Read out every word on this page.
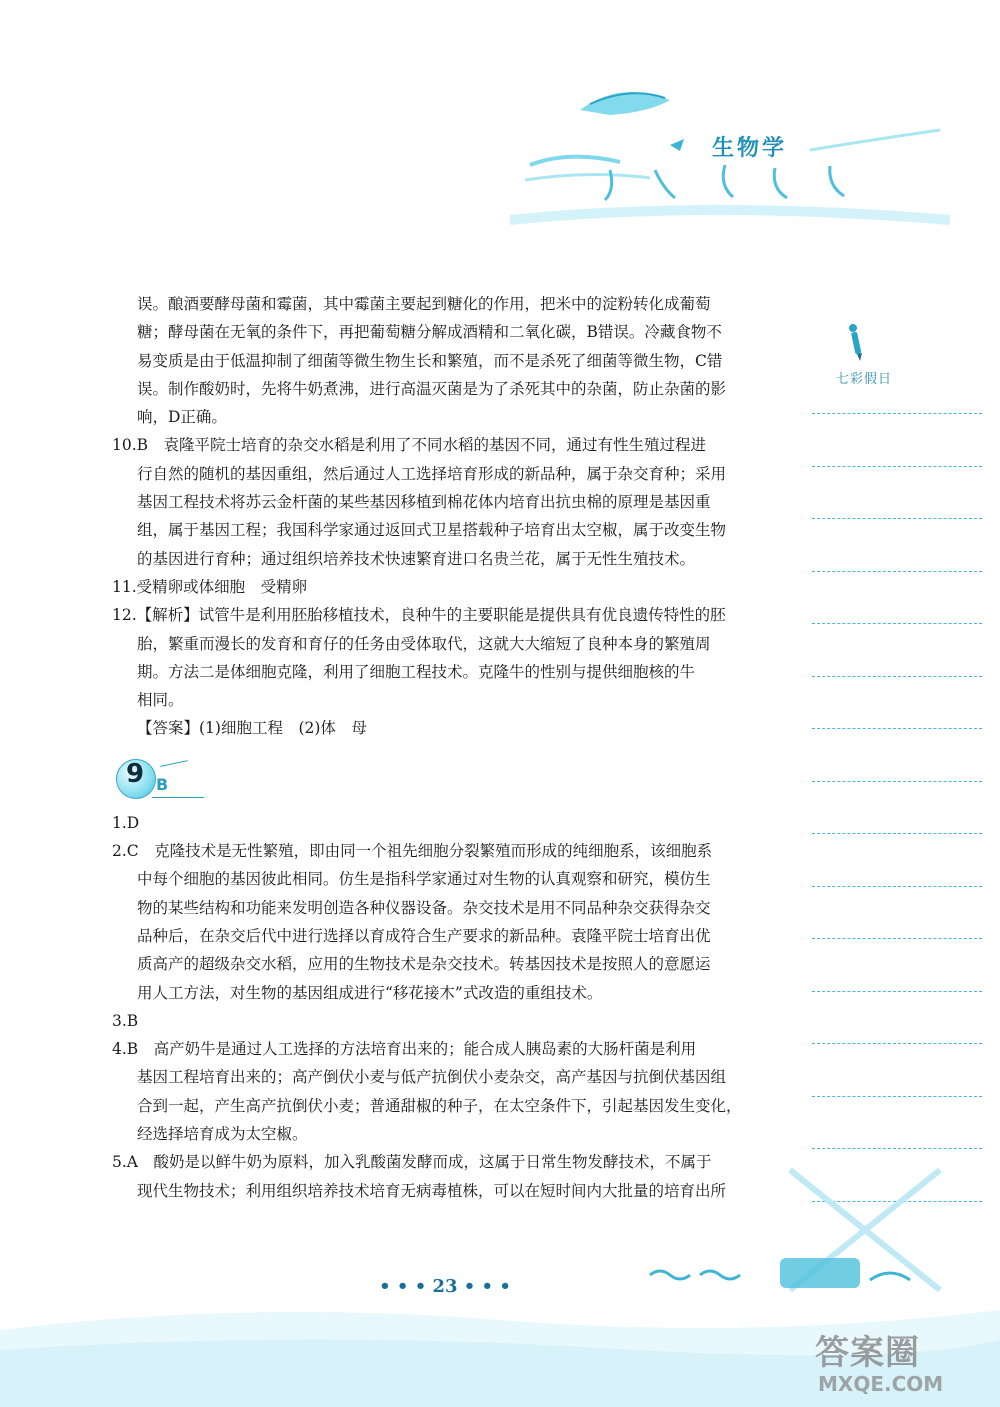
生物学

误。酿酒要酵母菌和霉菌，其中霉菌主要起到糖化的作用，把米中的淀粉转化成葡萄

糖；酵母菌在无氧的条件下，再把葡萄糖分解成酒精和二氧化碳，B错误。冷藏食物不

易变质是由于低温抑制了细菌等微生物生长和繁殖，而不是杀死了细菌等微生物，C错

误。制作酸奶时，先将牛奶煮沸，进行高温灭菌是为了杀死其中的杂菌，防止杂菌的影

响，D正确。

10.B　袁隆平院士培育的杂交水稻是利用了不同水稻的基因不同，通过有性生殖过程进

行自然的随机的基因重组，然后通过人工选择培育形成的新品种，属于杂交育种；采用

基因工程技术将苏云金杆菌的某些基因移植到棉花体内培育出抗虫棉的原理是基因重

组，属于基因工程；我国科学家通过返回式卫星搭载种子培育出太空椒，属于改变生物

的基因进行育种；通过组织培养技术快速繁育进口名贵兰花，属于无性生殖技术。

11.受精卵或体细胞　受精卵

12.【解析】试管牛是利用胚胎移植技术，良种牛的主要职能是提供具有优良遗传特性的胚

胎，繁重而漫长的发育和育仔的任务由受体取代，这就大大缩短了良种本身的繁殖周

期。方法二是体细胞克隆，利用了细胞工程技术。克隆牛的性别与提供细胞核的牛

相同。

【答案】(1)细胞工程　(2)体　母

9 B

1.D

2.C　克隆技术是无性繁殖，即由同一个祖先细胞分裂繁殖而形成的纯细胞系，该细胞系

中每个细胞的基因彼此相同。仿生是指科学家通过对生物的认真观察和研究，模仿生

物的某些结构和功能来发明创造各种仪器设备。杂交技术是用不同品种杂交获得杂交

品种后，在杂交后代中进行选择以育成符合生产要求的新品种。袁隆平院士培育出优

质高产的超级杂交水稻，应用的生物技术是杂交技术。转基因技术是按照人的意愿运

用人工方法，对生物的基因组成进行“移花接木”式改造的重组技术。

3.B

4.B　高产奶牛是通过人工选择的方法培育出来的；能合成人胰岛素的大肠杆菌是利用

基因工程培育出来的；高产倒伏小麦与低产抗倒伏小麦杂交，高产基因与抗倒伏基因组

合到一起，产生高产抗倒伏小麦；普通甜椒的种子，在太空条件下，引起基因发生变化，

经选择培育成为太空椒。

5.A　酸奶是以鲜牛奶为原料，加入乳酸菌发酵而成，这属于日常生物发酵技术，不属于

现代生物技术；利用组织培养技术培育无病毒植株，可以在短时间内大批量的培育出所

七彩假日
• • • 23 • • •
答案圈
MXQE.COM
